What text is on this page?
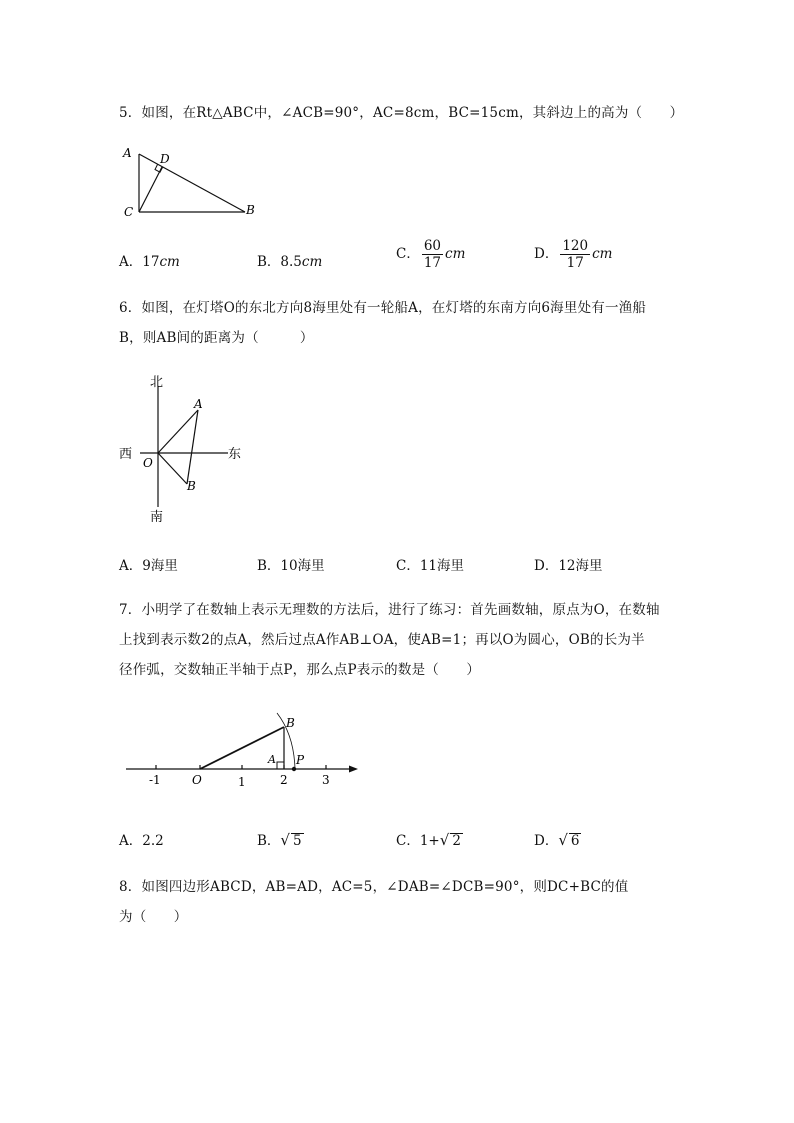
5．如图，在Rt△ABC中，∠ACB=90°，AC=8cm，BC=15cm，其斜边上的高为（　　）
A D
C	B
A．17cm	B．8.5cm	C． $\frac{60}{17}$ cm	D． $\frac{120}{17}$ cm
6．如图，在灯塔O的东北方向8海里处有一轮船A，在灯塔的东南方向6海里处有一渔船
B，则AB间的距离为（　　　）
北
南
西	东
O
A
B
A．9海里	B．10海里	C．11海里	D．12海里
7．小明学了在数轴上表示无理数的方法后，进行了练习：首先画数轴，原点为O，在数轴
上找到表示数2的点A，然后过点A作AB⊥OA，使AB=1；再以O为圆心，OB的长为半
径作弧，交数轴正半轴于点P，那么点P表示的数是（　　）
B
A P
O
-1	1	2	3
A．2.2	B．√ 5	C．1+√ 2	D．√ 6
8．如图四边形ABCD，AB=AD，AC=5，∠DAB=∠DCB=90°，则DC+BC的值
为（　　）
